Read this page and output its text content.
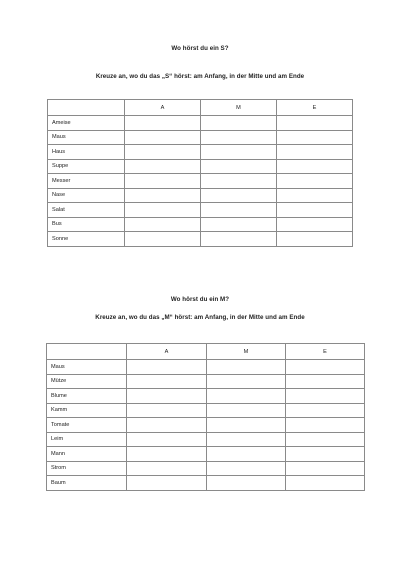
Wo hörst du ein S?
Kreuze an, wo du das „S“ hörst: am Anfang, in der Mitte und am Ende
	A	M	E
Ameise			
Maus			
Haus			
Suppe			
Messer			
Nase			
Salat			
Bus			
Sonne			
Wo hörst du ein M?
Kreuze an, wo du das „M“ hörst: am Anfang, in der Mitte und am Ende
	A	M	E
Maus			
Mütze			
Blume			
Kamm			
Tomate			
Leim			
Mann			
Strom			
Baum			
